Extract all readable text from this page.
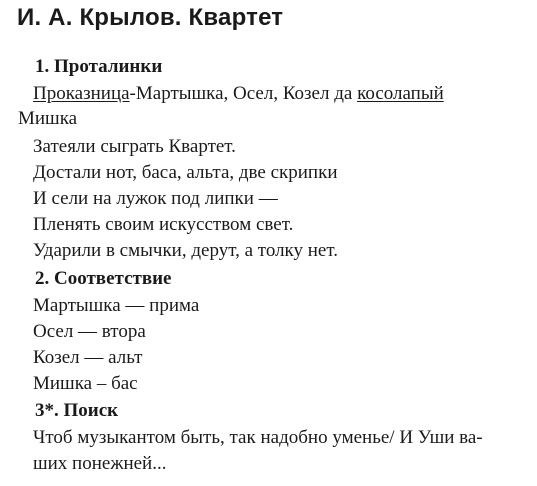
И. А. Крылов. Квартет
1. Проталинки
Проказница-Мартышка, Осел, Козел да косолапый
Мишка
Затеяли сыграть Квартет.
Достали нот, баса, альта, две скрипки
И сели на лужок под липки —
Пленять своим искусством свет.
Ударили в смычки, дерут, а толку нет.
2. Соответствие
Мартышка — прима
Осел — втора
Козел — альт
Мишка – бас
3*. Поиск
Чтоб музыкантом быть, так надобно уменье/ И Уши ва-
ших понежней...
